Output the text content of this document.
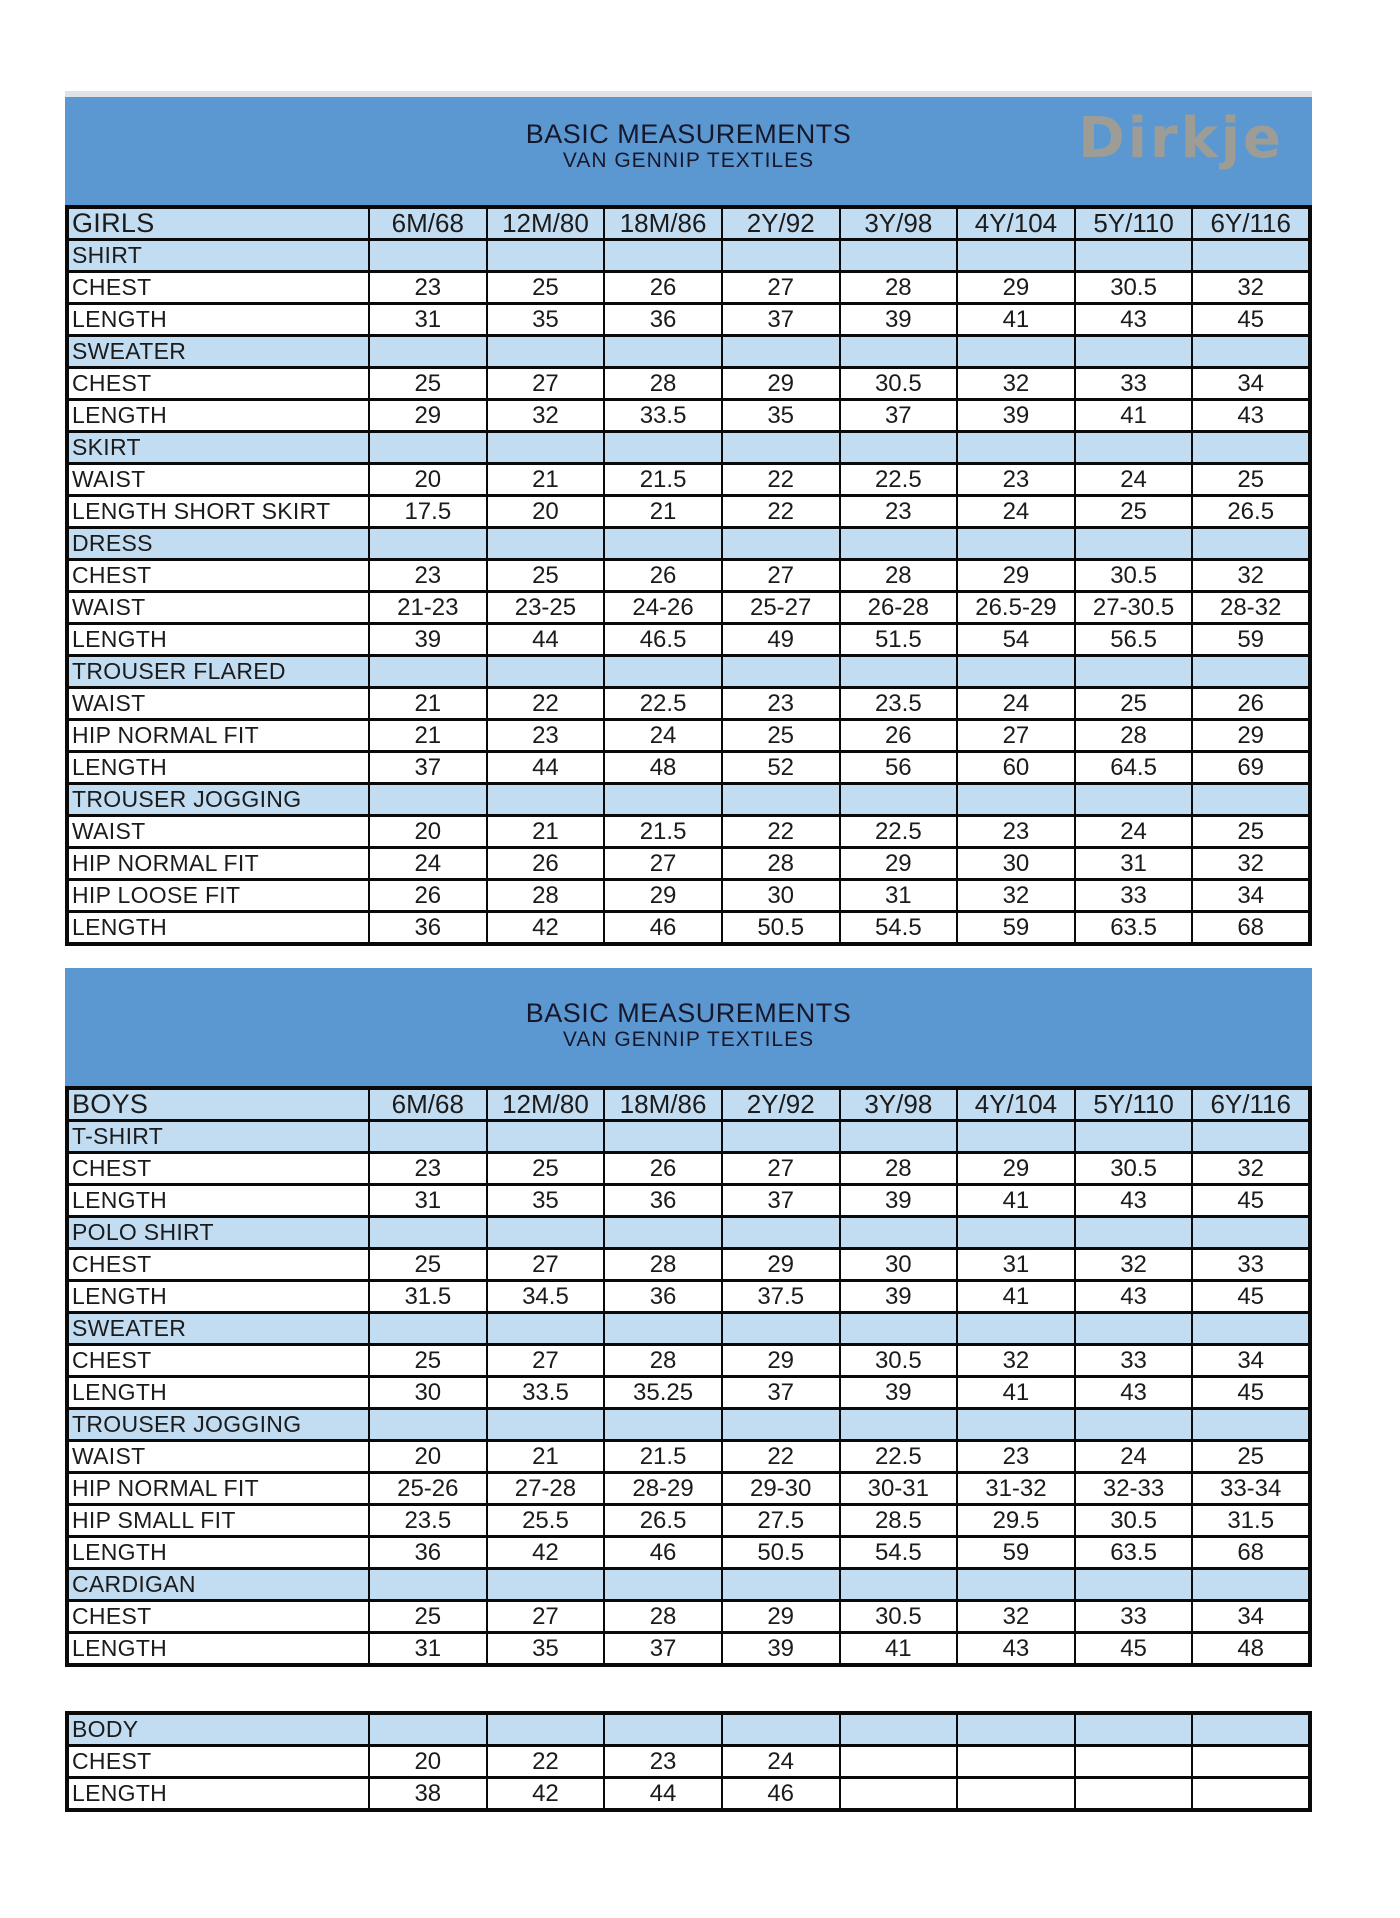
BASIC MEASUREMENTS
VAN GENNIP TEXTILES	Dirkje
GIRLS	6M/68	12M/80	18M/86	2Y/92	3Y/98	4Y/104	5Y/110	6Y/116
SHIRT								
CHEST	23	25	26	27	28	29	30.5	32
LENGTH	31	35	36	37	39	41	43	45
SWEATER								
CHEST	25	27	28	29	30.5	32	33	34
LENGTH	29	32	33.5	35	37	39	41	43
SKIRT								
WAIST	20	21	21.5	22	22.5	23	24	25
LENGTH SHORT SKIRT	17.5	20	21	22	23	24	25	26.5
DRESS								
CHEST	23	25	26	27	28	29	30.5	32
WAIST	21-23	23-25	24-26	25-27	26-28	26.5-29	27-30.5	28-32
LENGTH	39	44	46.5	49	51.5	54	56.5	59
TROUSER FLARED								
WAIST	21	22	22.5	23	23.5	24	25	26
HIP NORMAL FIT	21	23	24	25	26	27	28	29
LENGTH	37	44	48	52	56	60	64.5	69
TROUSER JOGGING								
WAIST	20	21	21.5	22	22.5	23	24	25
HIP NORMAL FIT	24	26	27	28	29	30	31	32
HIP LOOSE FIT	26	28	29	30	31	32	33	34
LENGTH	36	42	46	50.5	54.5	59	63.5	68
BASIC MEASUREMENTS
VAN GENNIP TEXTILES
BOYS	6M/68	12M/80	18M/86	2Y/92	3Y/98	4Y/104	5Y/110	6Y/116
T-SHIRT								
CHEST	23	25	26	27	28	29	30.5	32
LENGTH	31	35	36	37	39	41	43	45
POLO SHIRT								
CHEST	25	27	28	29	30	31	32	33
LENGTH	31.5	34.5	36	37.5	39	41	43	45
SWEATER								
CHEST	25	27	28	29	30.5	32	33	34
LENGTH	30	33.5	35.25	37	39	41	43	45
TROUSER JOGGING								
WAIST	20	21	21.5	22	22.5	23	24	25
HIP NORMAL FIT	25-26	27-28	28-29	29-30	30-31	31-32	32-33	33-34
HIP SMALL FIT	23.5	25.5	26.5	27.5	28.5	29.5	30.5	31.5
LENGTH	36	42	46	50.5	54.5	59	63.5	68
CARDIGAN								
CHEST	25	27	28	29	30.5	32	33	34
LENGTH	31	35	37	39	41	43	45	48
BODY								
CHEST	20	22	23	24				
LENGTH	38	42	44	46				
